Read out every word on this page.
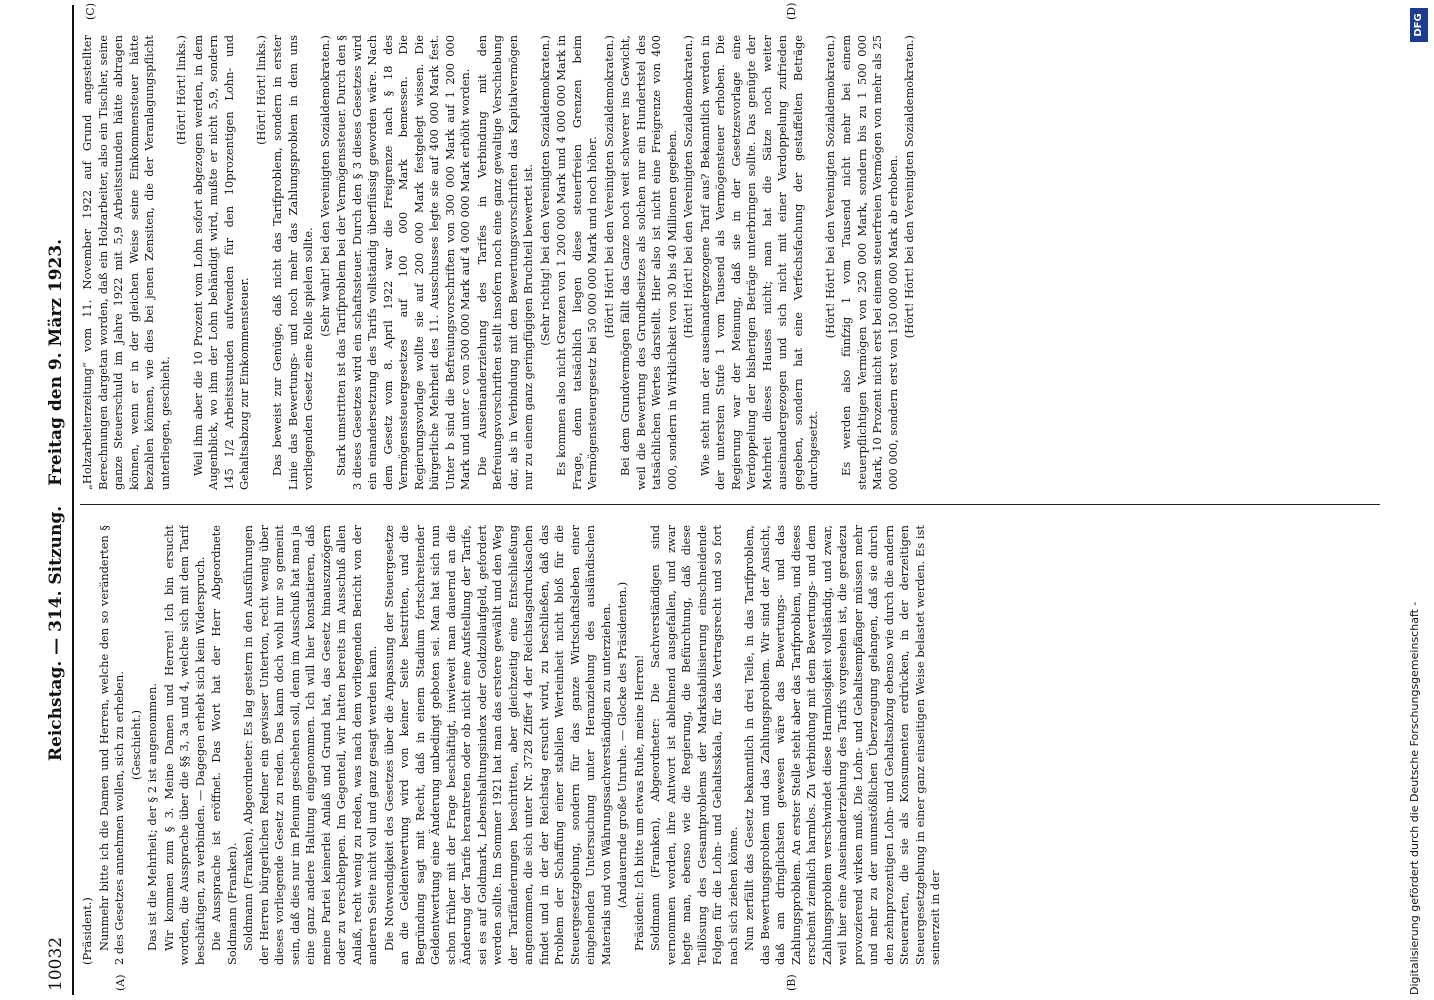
10032
Reichstag. — 314. Sitzung.Freitag den 9. März 1923.
(A)	(B)
(C)	(D)

(Präsident.) Nunmehr bitte ich die Damen und Herren, welche den so veränderten § 2 des Gesetzes annehmen wollen, sich zu erheben. (Geschieht.) Das ist die Mehrheit; der § 2 ist angenommen. Wir kommen zum § 3. Meine Damen und Herren! Ich bin ersucht worden, die Aussprache über die §§ 3, 3a und 4, welche sich mit dem Tarif beschäftigen, zu verbinden. — Dagegen erhebt sich kein Widerspruch. Die Aussprache ist eröffnet. Das Wort hat der Herr Abgeordnete Soldmann (Franken). Soldmann (Franken), Abgeordneter: Es lag gestern in den Ausführungen der Herren bürgerlichen Redner ein gewisser Unterton, recht wenig über dieses vorliegende Gesetz zu reden. Das kann doch wohl nur so gemeint sein, daß dies nur im Plenum geschehen soll, denn im Ausschuß hat man ja eine ganz andere Haltung eingenommen. Ich will hier konstatieren, daß meine Partei keinerlei Anlaß und Grund hat, das Gesetz hinauszuzögern oder zu verschleppen. Im Gegenteil, wir hatten bereits im Ausschuß allen Anlaß, recht wenig zu reden, was nach dem vorliegenden Bericht von der anderen Seite nicht voll und ganz gesagt werden kann. Die Notwendigkeit des Gesetzes über die Anpassung der Steuergesetze an die Geldentwertung wird von keiner Seite bestritten, und die Begründung sagt mit Recht, daß in einem Stadium fortschreitender Geldentwertung eine Änderung unbedingt geboten sei. Man hat sich nun schon früher mit der Frage beschäftigt, inwieweit man dauernd an die Änderung der Tarife herantreten oder ob nicht eine Aufstellung der Tarife, sei es auf Goldmark, Lebenshaltungsindex oder Goldzollaufgeld, gefordert werden sollte. Im Sommer 1921 hat man das erstere gewählt und den Weg der Tarifänderungen beschritten, aber gleichzeitig eine Entschließung angenommen, die sich unter Nr. 3728 Ziffer 4 der Reichstagsdrucksachen findet und in der der Reichstag ersucht wird, zu beschließen, daß das Problem der Schaffung einer stabilen Werteinheit nicht bloß für die Steuergesetzgebung, sondern für das ganze Wirtschaftsleben einer eingehenden Untersuchung unter Heranziehung des ausländischen Materials und von Währungssachverständigen zu unterziehen. (Andauernde große Unruhe. — Glocke des Präsidenten.) Präsident: Ich bitte um etwas Ruhe, meine Herren! Soldmann (Franken), Abgeordneter: Die Sachverständigen sind vernommen worden, ihre Antwort ist ablehnend ausgefallen, und zwar hegte man, ebenso wie die Regierung, die Befürchtung, daß diese Teillösung des Gesamtproblems der Markstabilisierung einschneidende Folgen für die Lohn- und Gehaltsskala, für das Vertragsrecht und so fort nach sich ziehen könne. Nun zerfällt das Gesetz bekanntlich in drei Teile, in das Tarifproblem, das Bewertungsproblem und das Zahlungsproblem. Wir sind der Ansicht, daß am dringlichsten gewesen wäre das Bewertungs- und das Zahlungsproblem. An erster Stelle steht aber das Tarifproblem, und dieses erscheint ziemlich harmlos. Zu Verbindung mit dem Bewertungs- und dem Zahlungsproblem verschwindet diese Harmlosigkeit vollständig, und zwar, weil hier eine Auseinanderziehung des Tarifs vorgesehen ist, die geradezu provozierend wirken muß. Die Lohn- und Gehaltsempfänger müssen mehr und mehr zu der unumstößlichen Überzeugung gelangen, daß sie durch den zehnprozentigen Lohn- und Gehaltsabzug ebenso wie durch die andern Steuerarten, die sie als Konsumenten erdrücken, in der derzeitigen Steuergesetzgebung in einer ganz einseitigen Weise belastet werden. Es ist seinerzeit in der

„Holzarbeiterzeitung“ vom 11. November 1922 auf Grund angestellter Berechnungen dargetan worden, daß ein Holzarbeiter, also ein Tischler, seine ganze Steuerschuld im Jahre 1922 mit 5,9 Arbeitsstunden hätte abtragen können, wenn er in der gleichen Weise seine Einkommensteuer hätte bezahlen können, wie dies bei jenen Zensiten, die der Veranlagungspflicht unterliegen, geschieht.

(Hört! Hört! links.) Weil ihm aber die 10 Prozent vom Lohn sofort abgezogen werden, in dem Augenblick, wo ihm der Lohn behändigt wird, mußte er nicht 5,9, sondern 145 1/2 Arbeitsstunden aufwenden für den 10prozentigen Lohn- und Gehaltsabzug zur Einkommensteuer.

(Hört! Hört! links.) Das beweist zur Genüge, daß nicht das Tarifproblem, sondern in erster Linie das Bewertungs- und noch mehr das Zahlungsproblem in dem uns vorliegenden Gesetz eine Rolle spielen sollte.

(Sehr wahr! bei den Vereinigten Sozialdemokraten.) Stark umstritten ist das Tarifproblem bei der Vermögenssteuer. Durch den § 3 dieses Gesetzes wird ein schaftssteuer. Durch den § 3 dieses Gesetzes wird ein einandersetzung des Tarifs vollständig überflüssig geworden wäre. Nach dem Gesetz vom 8. April 1922 war die Freigrenze nach § 18 des Vermögenssteuergesetzes auf 100 000 Mark bemessen. Die Regierungsvorlage wollte sie auf 200 000 Mark festgelegt wissen. Die bürgerliche Mehrheit des 11. Ausschusses legte sie auf 400 000 Mark fest. Unter b sind die Befreiungsvorschriften von 300 000 Mark auf 1 200 000 Mark und unter c von 500 000 Mark auf 4 000 000 Mark erhöht worden. Die Auseinanderziehung des Tarifes in Verbindung mit den Befreiungsvorschriften stellt insofern noch eine ganz gewaltige Verschiebung dar, als in Verbindung mit den Bewertungsvorschriften das Kapitalvermögen nur zu einem ganz geringfügigen Bruchteil bewertet ist. (Sehr richtig! bei den Vereinigten Sozialdemokraten.) Es kommen also nicht Grenzen von 1 200 000 Mark und 4 000 000 Mark in Frage, denn tatsächlich liegen diese steuerfreien Grenzen beim Vermögensteuergesetz bei 50 000 000 Mark und noch höher. (Hört! Hört! bei den Vereinigten Sozialdemokraten.) Bei dem Grundvermögen fällt das Ganze noch weit schwerer ins Gewicht, weil die Bewertung des Grundbesitzes als solchen nur ein Hundertstel des tatsächlichen Wertes darstellt. Hier also ist nicht eine Freigrenze von 400 000, sondern in Wirklichkeit von 30 bis 40 Millionen gegeben. (Hört! Hört! bei den Vereinigten Sozialdemokraten.) Wie steht nun der auseinandergezogene Tarif aus? Bekanntlich werden in der untersten Stufe 1 vom Tausend als Vermögensteuer erhoben. Die Regierung war der Meinung, daß sie in der Gesetzesvorlage eine Verdoppelung der bisherigen Beträge unterbringen sollte. Das genügte der Mehrheit dieses Hauses nicht; man hat die Sätze noch weiter auseinandergezogen und sich nicht mit einer Verdoppelung zufrieden gegeben, sondern hat eine Verfechsfachung der gestaffelten Beträge durchgesetzt.

(Hört! Hört! bei den Vereinigten Sozialdemokraten.) Es werden also fünfzig 1 vom Tausend nicht mehr bei einem steuerpflichtigen Vermögen von 250 000 Mark, sondern bis zu 1 500 000 Mark, 10 Prozent nicht erst bei einem steuerfreien Vermögen von mehr als 25 000 000, sondern erst von 150 000 000 Mark ab erhoben. (Hört! Hört! bei den Vereinigten Sozialdemokraten.)

Digitalisierung gefördert durch die Deutsche Forschungsgemeinschaft -
DFG
